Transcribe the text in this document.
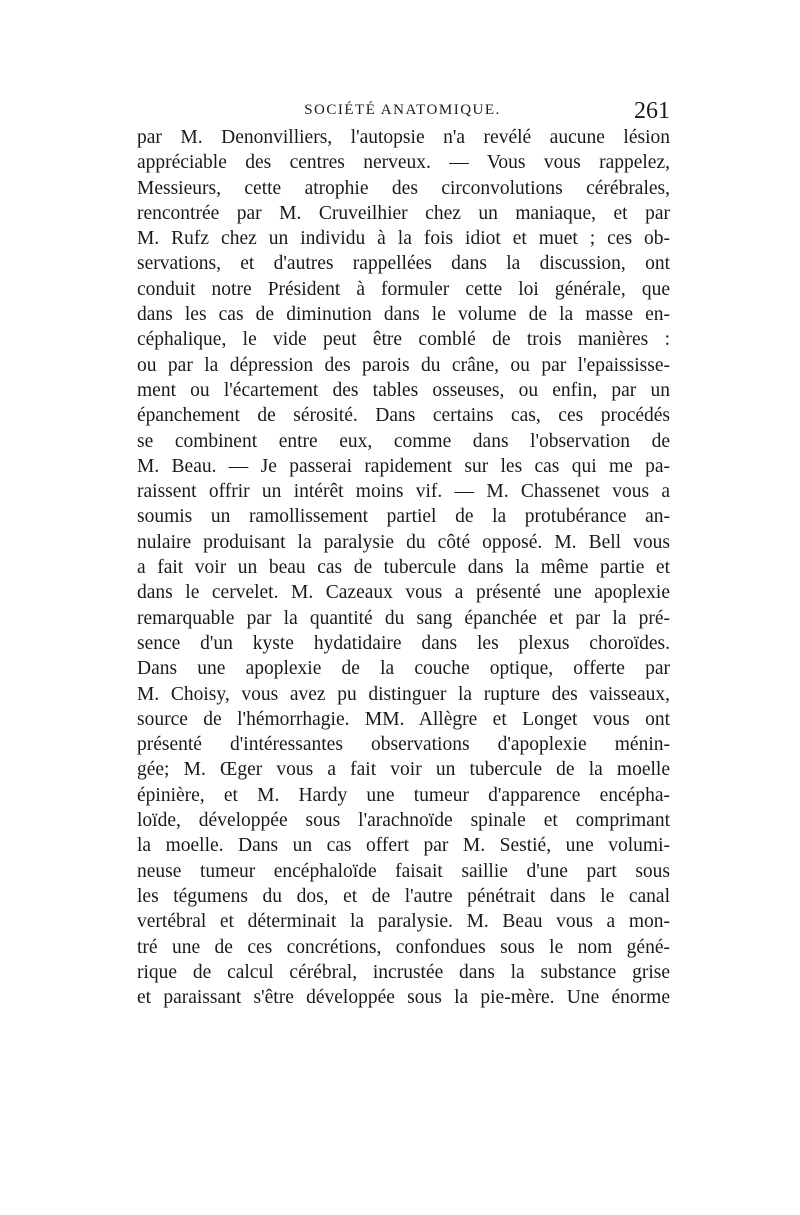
SOCIÉTÉ ANATOMIQUE.	261
par M. Denonvilliers, l'autopsie n'a revélé aucune lésion
appréciable des centres nerveux. — Vous vous rappelez,
Messieurs, cette atrophie des circonvolutions cérébrales,
rencontrée par M. Cruveilhier chez un maniaque, et par
M. Rufz chez un individu à la fois idiot et muet ; ces ob-
servations, et d'autres rappellées dans la discussion, ont
conduit notre Président à formuler cette loi générale, que
dans les cas de diminution dans le volume de la masse en-
céphalique, le vide peut être comblé de trois manières :
ou par la dépression des parois du crâne, ou par l'epaississe-
ment ou l'écartement des tables osseuses, ou enfin, par un
épanchement de sérosité. Dans certains cas, ces procédés
se combinent entre eux, comme dans l'observation de
M. Beau. — Je passerai rapidement sur les cas qui me pa-
raissent offrir un intérêt moins vif. — M. Chassenet vous a
soumis un ramollissement partiel de la protubérance an-
nulaire produisant la paralysie du côté opposé. M. Bell vous
a fait voir un beau cas de tubercule dans la même partie et
dans le cervelet. M. Cazeaux vous a présenté une apoplexie
remarquable par la quantité du sang épanchée et par la pré-
sence d'un kyste hydatidaire dans les plexus choroïdes.
Dans une apoplexie de la couche optique, offerte par
M. Choisy, vous avez pu distinguer la rupture des vaisseaux,
source de l'hémorrhagie. MM. Allègre et Longet vous ont
présenté d'intéressantes observations d'apoplexie ménin-
gée; M. Œger vous a fait voir un tubercule de la moelle
épinière, et M. Hardy une tumeur d'apparence encépha-
loïde, développée sous l'arachnoïde spinale et comprimant
la moelle. Dans un cas offert par M. Sestié, une volumi-
neuse tumeur encéphaloïde faisait saillie d'une part sous
les tégumens du dos, et de l'autre pénétrait dans le canal
vertébral et déterminait la paralysie. M. Beau vous a mon-
tré une de ces concrétions, confondues sous le nom géné-
rique de calcul cérébral, incrustée dans la substance grise
et paraissant s'être développée sous la pie-mère. Une énorme
